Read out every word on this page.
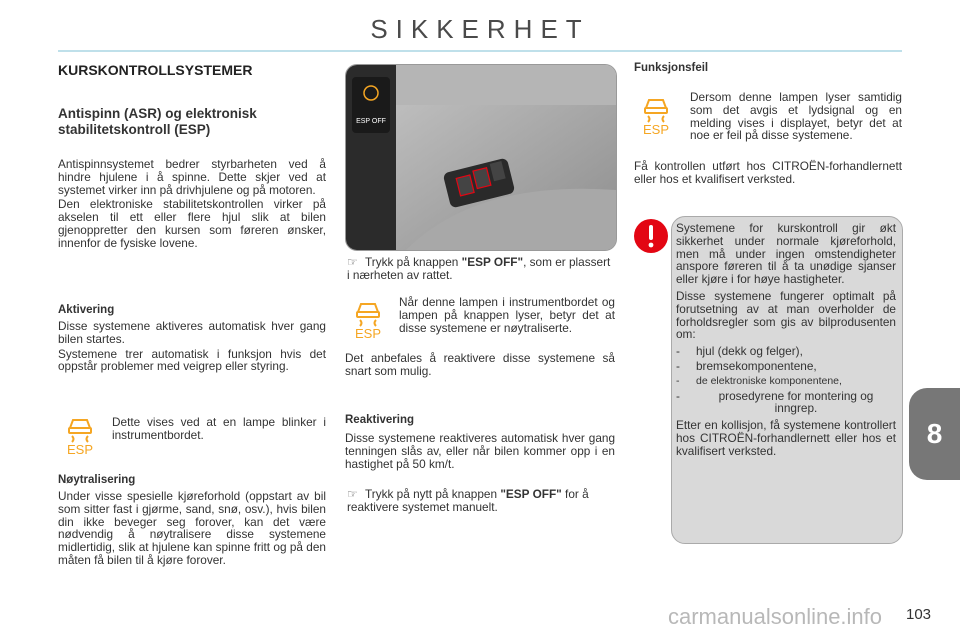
SIKKERHET
KURSKONTROLLSYSTEMER
Antispinn (ASR) og elektronisk
stabilitetskontroll (ESP)

Antispinnsystemet bedrer styrbarheten ved å hindre hjulene i å spinne. Dette skjer ved at systemet virker inn på drivhjulene og på motoren.

Den elektroniske stabilitetskontrollen virker på akselen til ett eller flere hjul slik at bilen gjenoppretter den kursen som føreren ønsker, innenfor de fysiske lovene.

Aktivering

Disse systemene aktiveres automatisk hver gang bilen startes.

Systemene trer automatisk i funksjon hvis det oppstår problemer med veigrep eller styring.

ESP
Dette vises ved at en lampe blinker i instrumentbordet.
Nøytralisering
Under visse spesielle kjøreforhold (oppstart av bil som sitter fast i gjørme, sand, snø, osv.), hvis bilen din ikke beveger seg forover, kan det være nødvendig å nøytralisere disse systemene midlertidig, slik at hjulene kan spinne fritt og på den måten få bilen til å kjøre forover.
ESP OFF
☞ Trykk på knappen "ESP OFF", som er plassert i nærheten av rattet.
ESP
Når denne lampen i instrumentbordet og lampen på knappen lyser, betyr det at disse systemene er nøytraliserte.
Det anbefales å reaktivere disse systemene så snart som mulig.
Reaktivering
Disse systemene reaktiveres automatisk hver gang tenningen slås av, eller når bilen kommer opp i en hastighet på 50 km/t.
☞ Trykk på nytt på knappen "ESP OFF" for å reaktivere systemet manuelt.
Funksjonsfeil
ESP
Dersom denne lampen lyser samtidig som det avgis et lydsignal og en melding vises i displayet, betyr det at noe er feil på disse systemene.
Få kontrollen utført hos CITROËN-forhandlernett eller hos et kvalifisert verksted.

Systemene for kurskontroll gir økt sikkerhet under normale kjøreforhold, men må under ingen omstendigheter anspore føreren til å ta unødige sjanser eller kjøre i for høye hastigheter.

Disse systemene fungerer optimalt på forutsetning av at man overholder de forholdsregler som gis av bilprodusenten om:

- hjul (dekk og felger),
- bremsekomponentene,
- de elektroniske komponentene,
-	prosedyrene for montering og inngrep.

Etter en kollisjon, få systemene kontrollert hos CITROËN-forhandlernett eller hos et kvalifisert verksted.

8
carmanualsonline.info 103
